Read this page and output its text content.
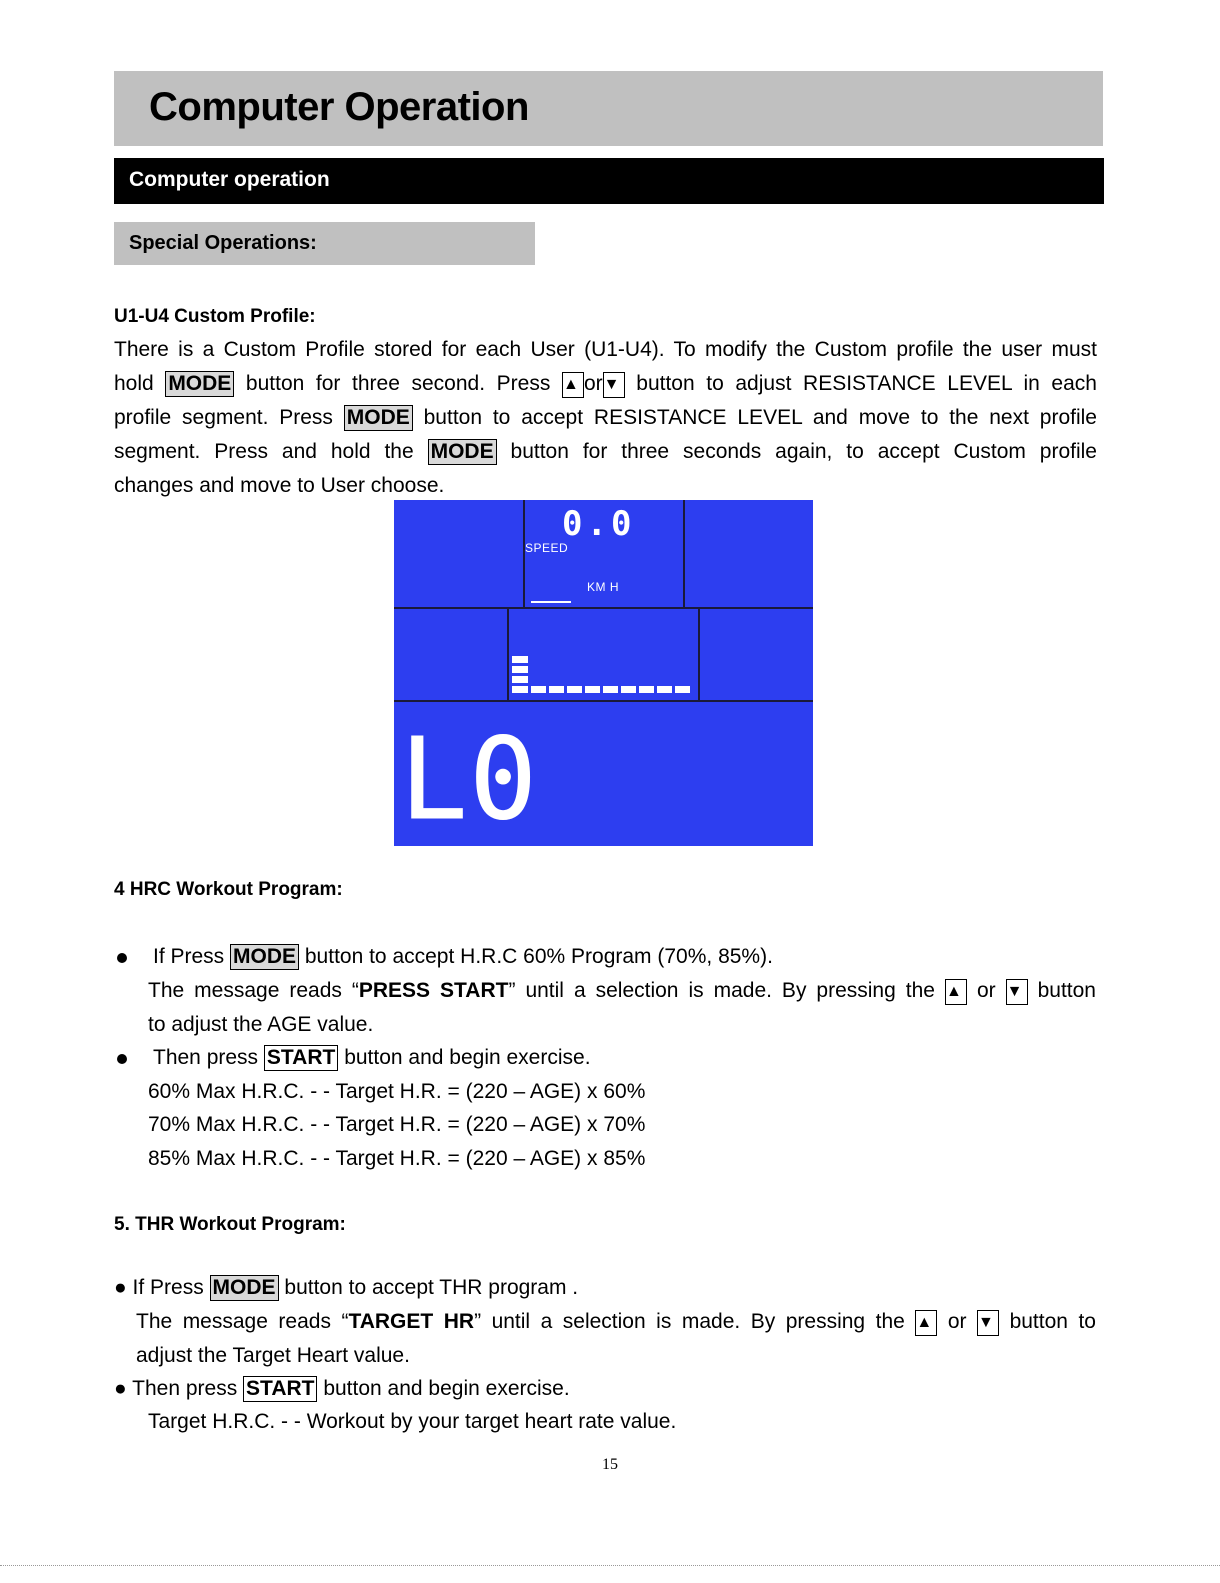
Computer Operation
Computer operation
Special Operations:
U1-U4 Custom Profile:
There is a Custom Profile stored for each User (U1-U4). To modify the Custom profile the user must
hold MODE button for three second. Press ▲ or▼ button to adjust RESISTANCE LEVEL in each
profile segment. Press MODE button to accept RESISTANCE LEVEL and move to the next profile
segment. Press and hold the MODE button for three seconds again, to accept Custom profile
changes and move to User choose.
0.0
SPEED
KM H
L0
4 HRC Workout Program:
If Press MODE button to accept H.R.C 60% Program (70%, 85%).
The message reads “PRESS START” until a selection is made. By pressing the ▲ or ▼ button
to adjust the AGE value.
Then press START button and begin exercise.
60% Max H.R.C. - - Target H.R. = (220 – AGE) x 60%
70% Max H.R.C. - - Target H.R. = (220 – AGE) x 70%
85% Max H.R.C. - - Target H.R. = (220 – AGE) x 85%
5. THR Workout Program:
● If Press MODE button to accept THR program .
The message reads “TARGET HR” until a selection is made. By pressing the ▲ or ▼ button to
adjust the Target Heart value.
● Then press START button and begin exercise.
Target H.R.C. - - Workout by your target heart rate value.
15
